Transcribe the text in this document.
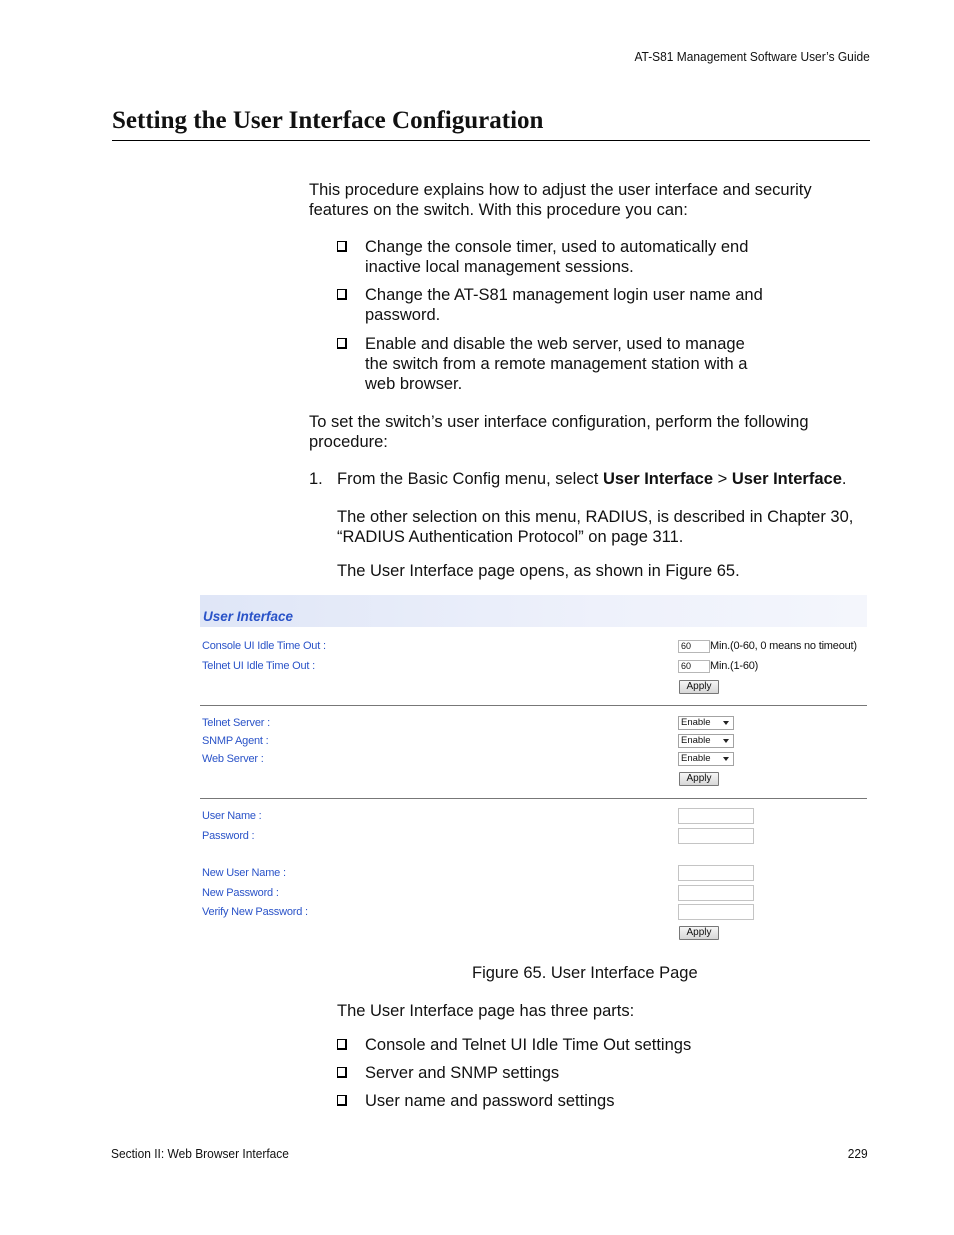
AT-S81 Management Software User’s Guide
Setting the User Interface Configuration
This procedure explains how to adjust the user interface and security
features on the switch. With this procedure you can:
Change the console timer, used to automatically end
inactive local management sessions.
Change the AT-S81 management login user name and
password.
Enable and disable the web server, used to manage
the switch from a remote management station with a
web browser.
To set the switch’s user interface configuration, perform the following
procedure:
1. From the Basic Config menu, select User Interface > User Interface.
The other selection on this menu, RADIUS, is described in Chapter 30,
“RADIUS Authentication Protocol” on page 311.
The User Interface page opens, as shown in Figure 65.
User Interface
Console UI Idle Time Out :	60	Min.(0-60, 0 means no timeout)
Telnet UI Idle Time Out :	60	Min.(1-60)
Apply
Telnet Server :	Enable
SNMP Agent :	Enable
Web Server :	Enable
Apply
User Name :
Password :
New User Name :
New Password :
Verify New Password :
Apply
Figure 65. User Interface Page
The User Interface page has three parts:
Console and Telnet UI Idle Time Out settings
Server and SNMP settings
User name and password settings
Section II: Web Browser Interface	229
